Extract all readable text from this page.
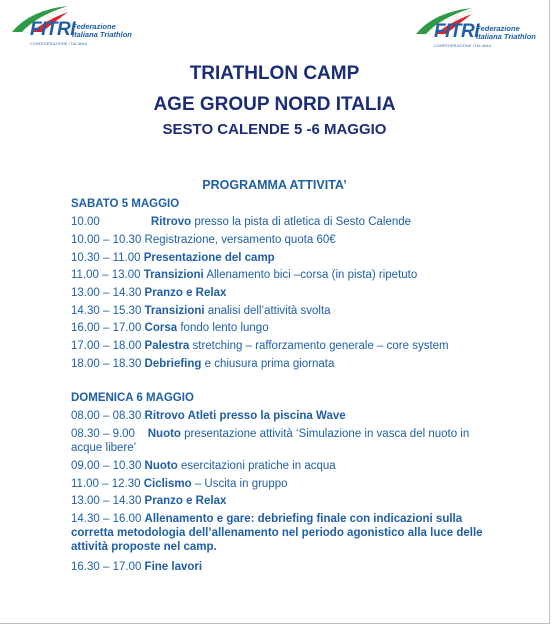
FITRI
Federazione
Italiana Triathlon
CONFEDERAZIONE ITALIANA
FITRI
Federazione
Italiana Triathlon
CONFEDERAZIONE ITALIANA
TRIATHLON CAMP
AGE GROUP NORD ITALIA
SESTO CALENDE 5 -6 MAGGIO
PROGRAMMA ATTIVITA’
SABATO 5 MAGGIO
10.00                Ritrovo presso la pista di atletica di Sesto Calende
10.00 – 10.30 Registrazione, versamento quota 60€
10.30 – 11.00 Presentazione del camp
11.00 – 13.00 Transizioni Allenamento bici –corsa (in pista) ripetuto
13.00 – 14.30 Pranzo e Relax
14.30 – 15.30 Transizioni analisi dell’attività svolta
16.00 – 17.00 Corsa fondo lento lungo
17.00 – 18.00 Palestra stretching – rafforzamento generale – core system
18.00 – 18.30 Debriefing e chiusura prima giornata
DOMENICA 6 MAGGIO
08.00 – 08.30 Ritrovo Atleti presso la piscina Wave
08.30 – 9.00    Nuoto presentazione attività ‘Simulazione in vasca del nuoto in acque libere’
09.00 – 10.30 Nuoto esercitazioni pratiche in acqua
11.00 – 12.30 Ciclismo – Uscita in gruppo
13.00 – 14.30 Pranzo e Relax
14.30 – 16.00 Allenamento e gare: debriefing finale con indicazioni sulla corretta metodologia dell’allenamento nel periodo agonistico alla luce delle attività proposte nel camp.
16.30 – 17.00 Fine lavori
